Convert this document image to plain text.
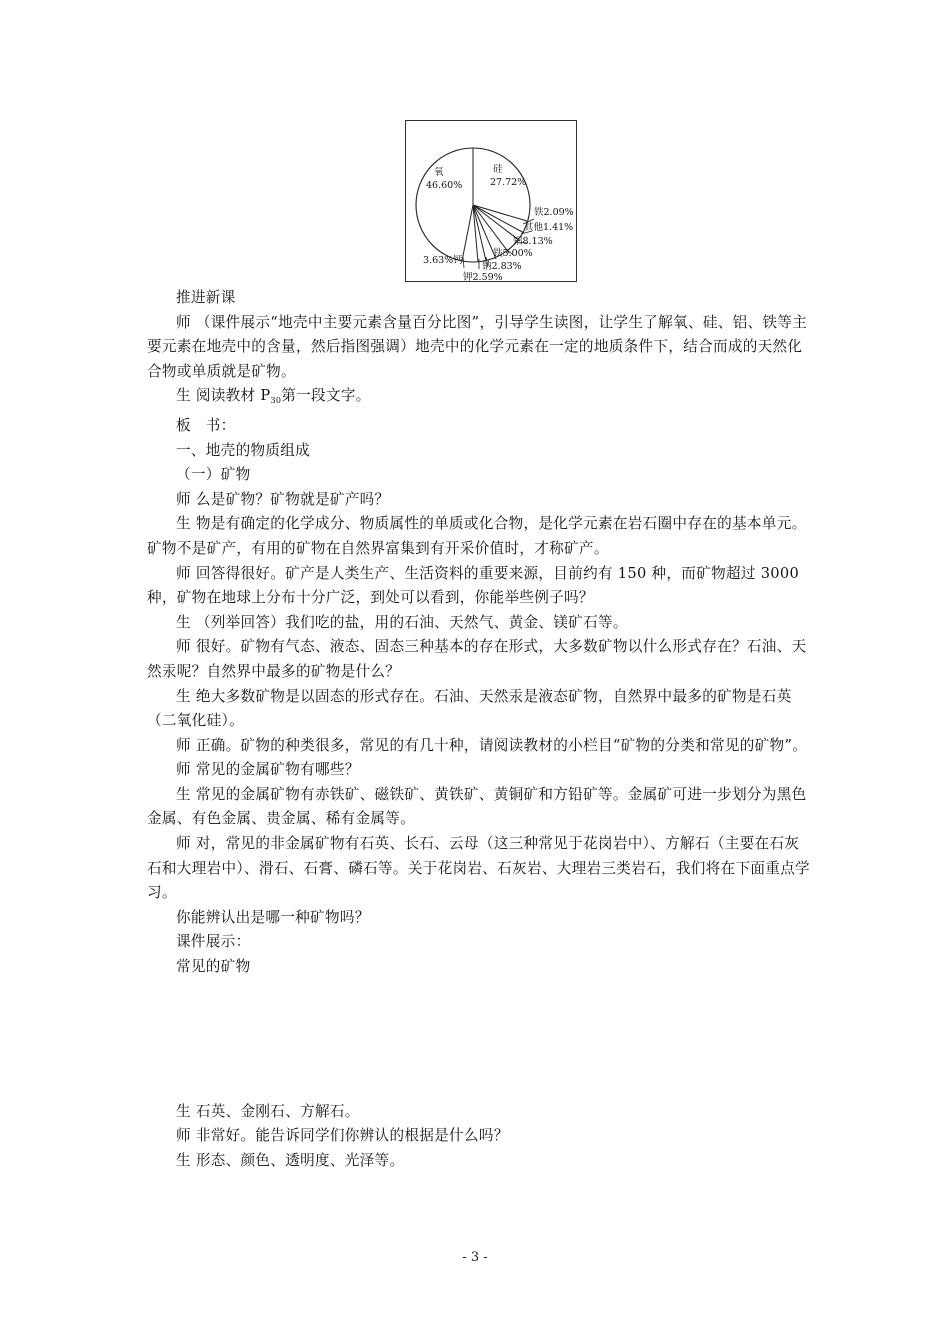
氧
46.60%
硅
27.72%
铁2.09%
其他1.41%
铝8.13%
铁5.00%
钠2.83%
3.63%钙
钾2.59%

推进新课

师 （课件展示“地壳中主要元素含量百分比图”，引导学生读图，让学生了解氧、硅、铝、铁等主要元素在地壳中的含量，然后指图强调）地壳中的化学元素在一定的地质条件下，结合而成的天然化合物或单质就是矿物。

生 阅读教材 $P_{30}$第一段文字。

板　书：

一、地壳的物质组成

（一）矿物

师 么是矿物？矿物就是矿产吗？

生 物是有确定的化学成分、物质属性的单质或化合物，是化学元素在岩石圈中存在的基本单元。矿物不是矿产，有用的矿物在自然界富集到有开采价值时，才称矿产。

师 回答得很好。矿产是人类生产、生活资料的重要来源，目前约有 150 种，而矿物超过 3000 种，矿物在地球上分布十分广泛，到处可以看到，你能举些例子吗？

生 （列举回答）我们吃的盐，用的石油、天然气、黄金、镁矿石等。

师 很好。矿物有气态、液态、固态三种基本的存在形式，大多数矿物以什么形式存在？石油、天然汞呢？自然界中最多的矿物是什么？

生 绝大多数矿物是以固态的形式存在。石油、天然汞是液态矿物，自然界中最多的矿物是石英（二氧化硅）。

师 正确。矿物的种类很多，常见的有几十种，请阅读教材的小栏目“矿物的分类和常见的矿物”。

师 常见的金属矿物有哪些？

生 常见的金属矿物有赤铁矿、磁铁矿、黄铁矿、黄铜矿和方铅矿等。金属矿可进一步划分为黑色金属、有色金属、贵金属、稀有金属等。

师 对，常见的非金属矿物有石英、长石、云母（这三种常见于花岗岩中）、方解石（主要在石灰石和大理岩中）、滑石、石膏、磷石等。关于花岗岩、石灰岩、大理岩三类岩石，我们将在下面重点学习。

你能辨认出是哪一种矿物吗？

课件展示：

常见的矿物

生 石英、金刚石、方解石。

师 非常好。能告诉同学们你辨认的根据是什么吗？

生 形态、颜色、透明度、光泽等。

- 3 -
